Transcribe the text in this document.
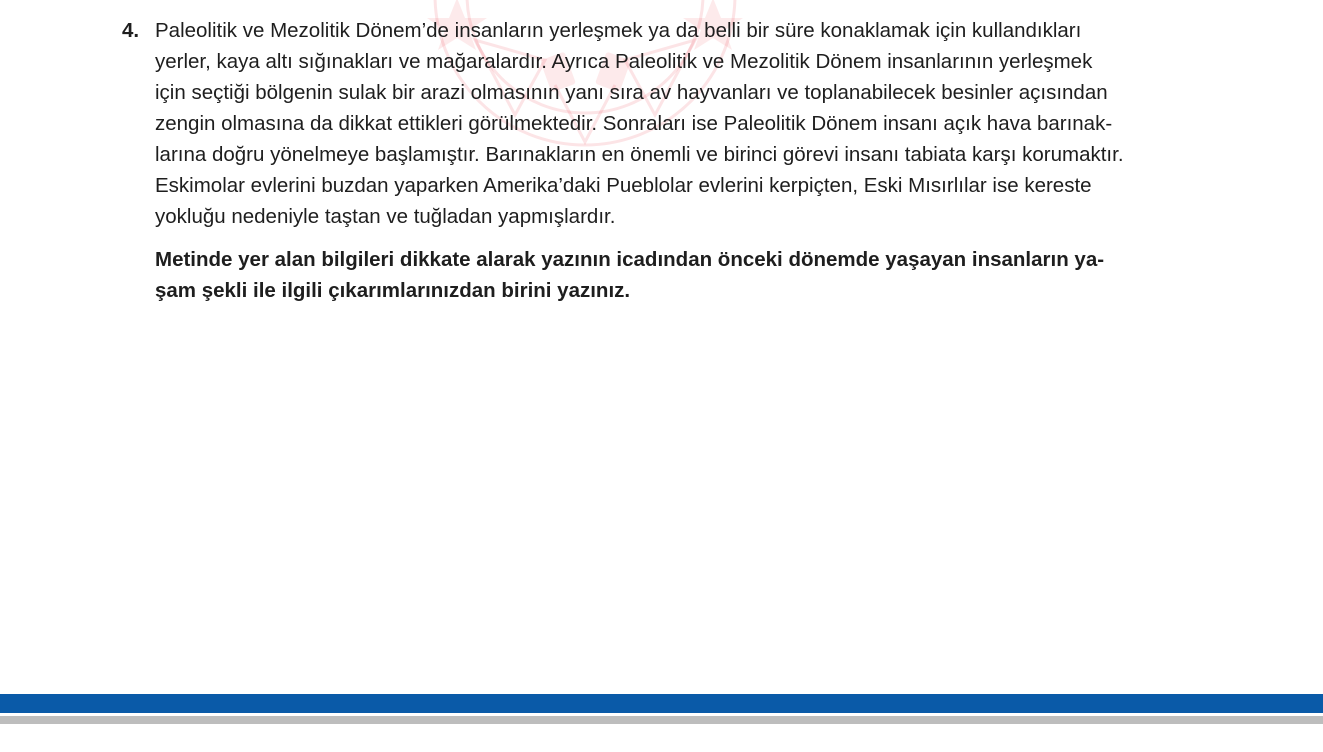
4. Paleolitik ve Mezolitik Dönem’de insanların yerleşmek ya da belli bir süre konaklamak için kullandıkları
yerler, kaya altı sığınakları ve mağaralardır. Ayrıca Paleolitik ve Mezolitik Dönem insanlarının yerleşmek
için seçtiği bölgenin sulak bir arazi olmasının yanı sıra av hayvanları ve toplanabilecek besinler açısından
zengin olmasına da dikkat ettikleri görülmektedir. Sonraları ise Paleolitik Dönem insanı açık hava barınak-
larına doğru yönelmeye başlamıştır. Barınakların en önemli ve birinci görevi insanı tabiata karşı korumaktır.
Eskimolar evlerini buzdan yaparken Amerika’daki Pueblolar evlerini kerpiçten, Eski Mısırlılar ise kereste
yokluğu nedeniyle taştan ve tuğladan yapmışlardır.
Metinde yer alan bilgileri dikkate alarak yazının icadından önceki dönemde yaşayan insanların ya-
şam şekli ile ilgili çıkarımlarınızdan birini yazınız.
